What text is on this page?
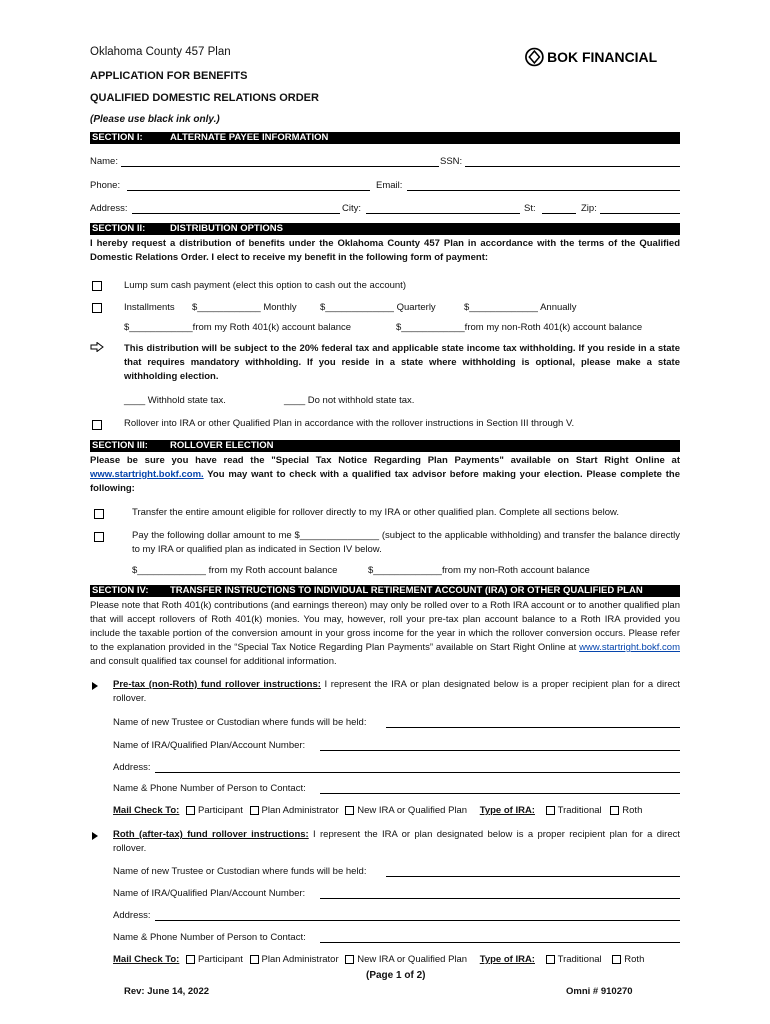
Oklahoma County 457 Plan	BOK FINANCIAL
APPLICATION FOR BENEFITS
QUALIFIED DOMESTIC RELATIONS ORDER
(Please use black ink only.)
SECTION I:	ALTERNATE PAYEE INFORMATION
Name:	SSN:
Phone:	Email:
Address:	City:	St:	Zip:
SECTION II:	DISTRIBUTION OPTIONS
I hereby request a distribution of benefits under the Oklahoma County 457 Plan in accordance with the terms of the Qualified Domestic Relations Order. I elect to receive my benefit in the following form of payment:
Lump sum cash payment (elect this option to cash out the account)
Installments $____________ Monthly $_____________ Quarterly	$_____________ Annually
$____________from my Roth 401(k) account balance	$____________from my non-Roth 401(k) account balance
This distribution will be subject to the 20% federal tax and applicable state income tax withholding. If you reside in a state that requires mandatory withholding. If you reside in a state where withholding is optional, please make a state withholding election.
____ Withhold state tax.	____ Do not withhold state tax.
Rollover into IRA or other Qualified Plan in accordance with the rollover instructions in Section III through V.
SECTION III: ROLLOVER ELECTION
Please be sure you have read the "Special Tax Notice Regarding Plan Payments" available on Start Right Online at www.startright.bokf.com. You may want to check with a qualified tax advisor before making your election. Please complete the following:
Transfer the entire amount eligible for rollover directly to my IRA or other qualified plan. Complete all sections below.
Pay the following dollar amount to me $_______________ (subject to the applicable withholding) and transfer the balance directly to my IRA or qualified plan as indicated in Section IV below.
$_____________ from my Roth account balance	$_____________from my non-Roth account balance
SECTION IV: TRANSFER INSTRUCTIONS TO INDIVIDUAL RETIREMENT ACCOUNT (IRA) OR OTHER QUALIFIED PLAN
Please note that Roth 401(k) contributions (and earnings thereon) may only be rolled over to a Roth IRA account or to another qualified plan that will accept rollovers of Roth 401(k) monies. You may, however, roll your pre-tax plan account balance to a Roth IRA provided you include the taxable portion of the conversion amount in your gross income for the year in which the rollover conversion occurs. Please refer to the explanation provided in the “Special Tax Notice Regarding Plan Payments” available on Start Right Online at www.startright.bokf.com and consult qualified tax counsel for additional information.
Pre-tax (non-Roth) fund rollover instructions: I represent the IRA or plan designated below is a proper recipient plan for a direct rollover.
Name of new Trustee or Custodian where funds will be held:
Name of IRA/Qualified Plan/Account Number:
Address:
Name & Phone Number of Person to Contact:
Mail Check To: Participant Plan Administrator New IRA or Qualified Plan Type of IRA: Traditional Roth
Roth (after-tax) fund rollover instructions: I represent the IRA or plan designated below is a proper recipient plan for a direct rollover.
Name of new Trustee or Custodian where funds will be held:
Name of IRA/Qualified Plan/Account Number:
Address:
Name & Phone Number of Person to Contact:
Mail Check To: Participant Plan Administrator New IRA or Qualified Plan Type of IRA: Traditional Roth
(Page 1 of 2)
Rev: June 14, 2022	Omni # 910270
